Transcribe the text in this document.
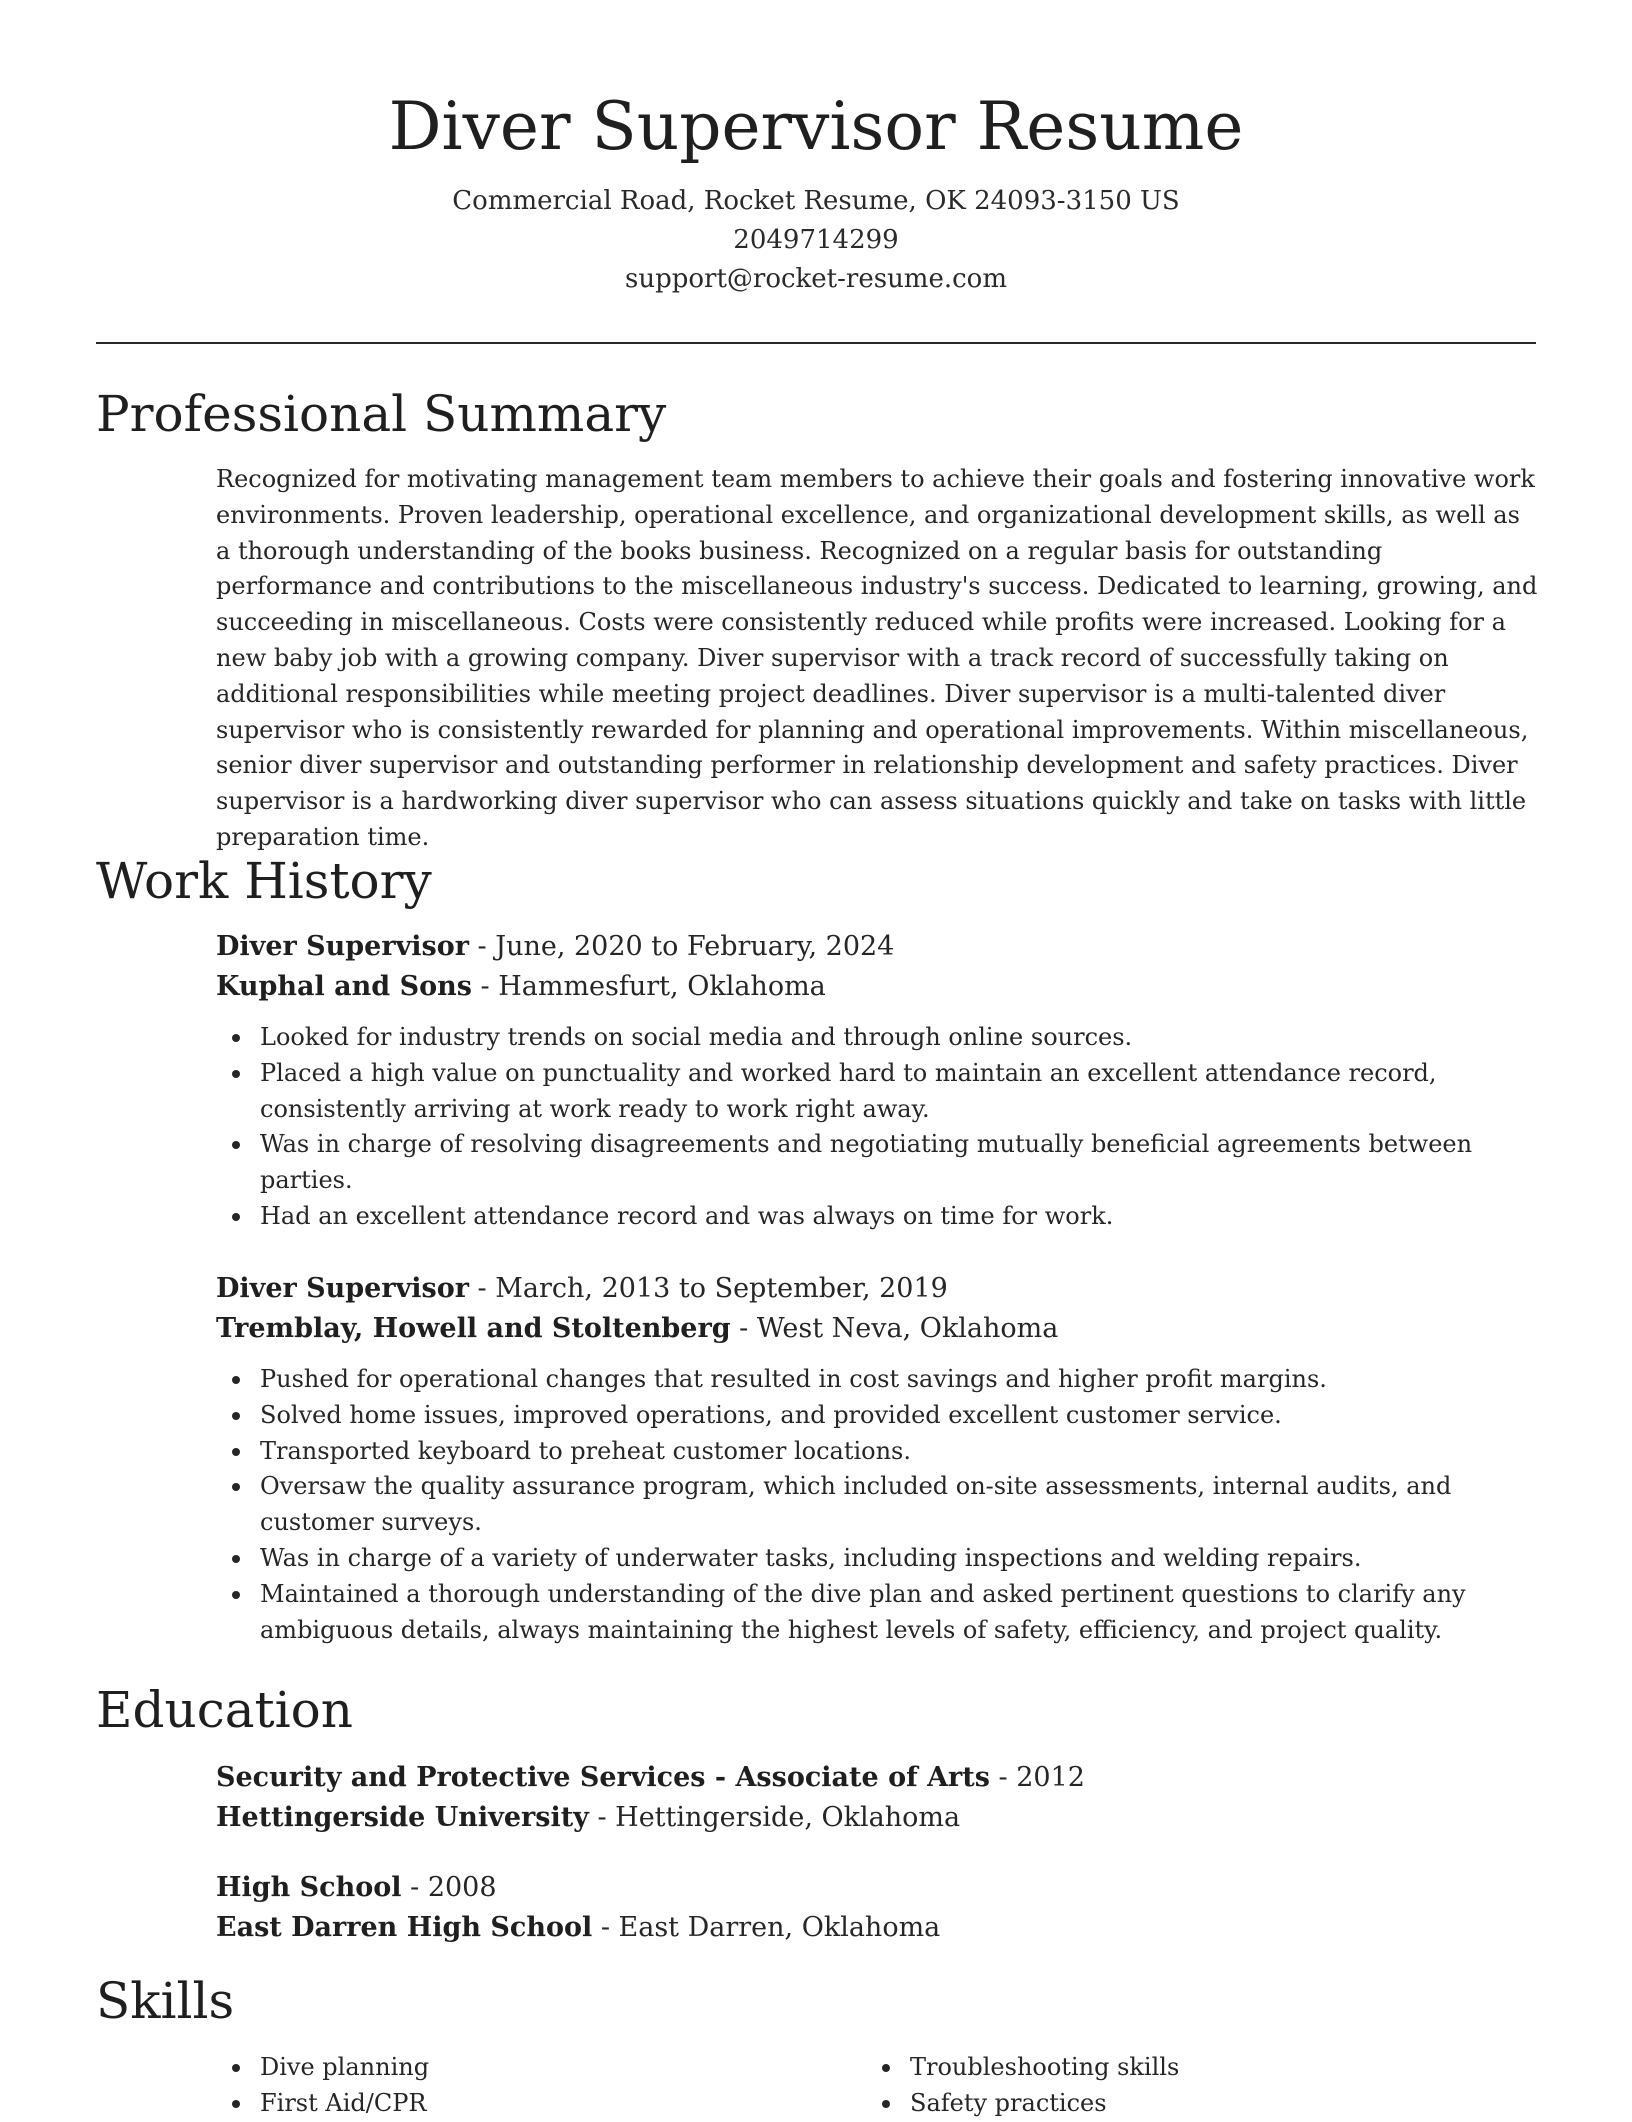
Diver Supervisor Resume
Commercial Road, Rocket Resume, OK 24093-3150 US
2049714299
support@rocket-resume.com
Professional Summary
Recognized for motivating management team members to achieve their goals and fostering innovative work environments. Proven leadership, operational excellence, and organizational development skills, as well as a thorough understanding of the books business. Recognized on a regular basis for outstanding performance and contributions to the miscellaneous industry's success. Dedicated to learning, growing, and succeeding in miscellaneous. Costs were consistently reduced while profits were increased. Looking for a new baby job with a growing company. Diver supervisor with a track record of successfully taking on additional responsibilities while meeting project deadlines. Diver supervisor is a multi-talented diver supervisor who is consistently rewarded for planning and operational improvements. Within miscellaneous, senior diver supervisor and outstanding performer in relationship development and safety practices. Diver supervisor is a hardworking diver supervisor who can assess situations quickly and take on tasks with little preparation time.
Work History
Diver Supervisor - June, 2020 to February, 2024
Kuphal and Sons - Hammesfurt, Oklahoma
Looked for industry trends on social media and through online sources.
Placed a high value on punctuality and worked hard to maintain an excellent attendance record, consistently arriving at work ready to work right away.
Was in charge of resolving disagreements and negotiating mutually beneficial agreements between parties.
Had an excellent attendance record and was always on time for work.
Diver Supervisor - March, 2013 to September, 2019
Tremblay, Howell and Stoltenberg - West Neva, Oklahoma
Pushed for operational changes that resulted in cost savings and higher profit margins.
Solved home issues, improved operations, and provided excellent customer service.
Transported keyboard to preheat customer locations.
Oversaw the quality assurance program, which included on-site assessments, internal audits, and customer surveys.
Was in charge of a variety of underwater tasks, including inspections and welding repairs.
Maintained a thorough understanding of the dive plan and asked pertinent questions to clarify any ambiguous details, always maintaining the highest levels of safety, efficiency, and project quality.
Education
Security and Protective Services - Associate of Arts - 2012
Hettingerside University - Hettingerside, Oklahoma
High School - 2008
East Darren High School - East Darren, Oklahoma
Skills
Dive planning
First Aid/CPR
Troubleshooting skills
Safety practices
